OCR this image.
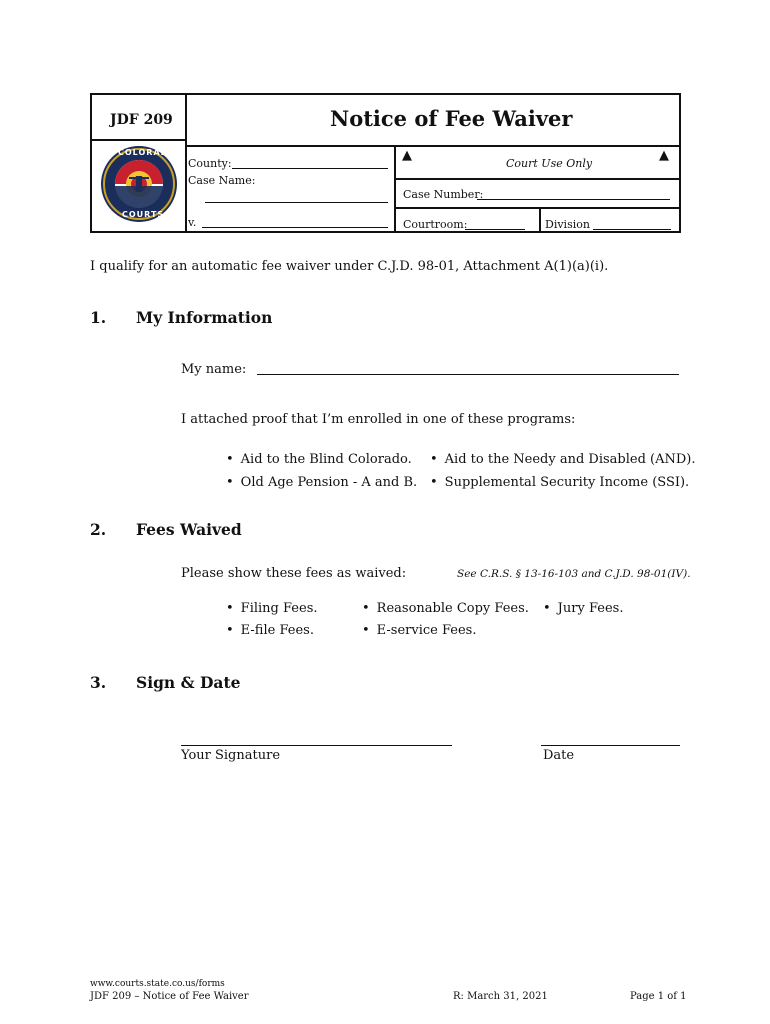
JDF 209	Notice of Fee Waiver
COLORADO
COURTS
County:
Case Name:
v.
▲
Court Use Only
▲
Case Number:
Courtroom:	Division
I qualify for an automatic fee waiver under C.J.D. 98-01, Attachment A(1)(a)(i).
1. My Information
My name:
I attached proof that I’m enrolled in one of these programs:
• Aid to the Blind Colorado.	• Aid to the Needy and Disabled (AND).
• Old Age Pension - A and B.	• Supplemental Security Income (SSI).
2. Fees Waived
Please show these fees as waived:	See C.R.S. § 13-16-103 and C.J.D. 98-01(IV).
• Filing Fees.	• Reasonable Copy Fees.	• Jury Fees.
• E-file Fees.	• E-service Fees.
3. Sign & Date
Your Signature	Date
www.courts.state.co.us/forms
JDF 209 – Notice of Fee Waiver	R: March 31, 2021	Page 1 of 1
